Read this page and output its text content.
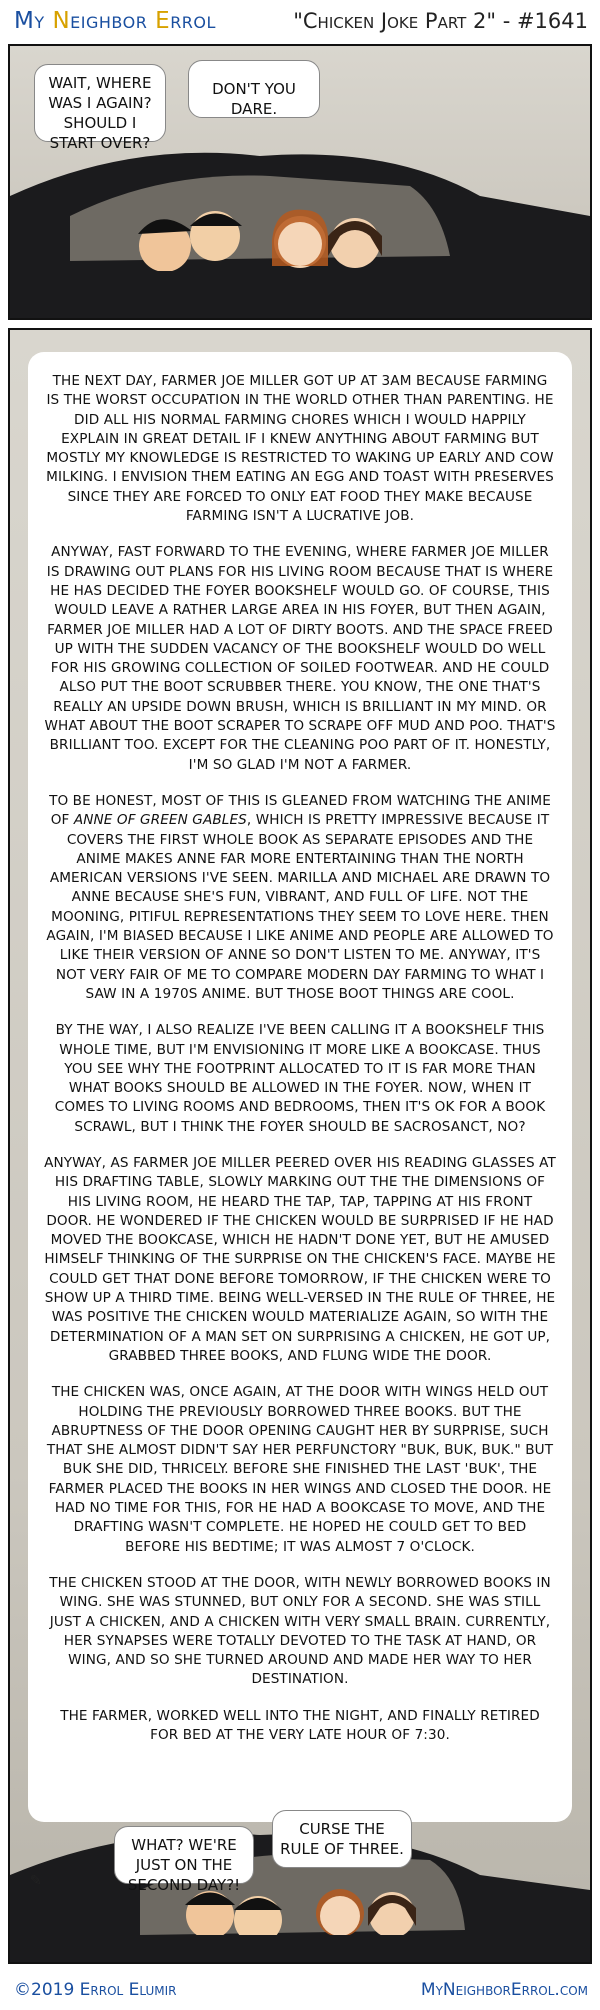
My Neighbor Errol	"Chicken Joke Part 2" - #1641
WAIT, WHERE WAS I AGAIN? SHOULD I START OVER?
DON'T YOU DARE.

THE NEXT DAY, FARMER JOE MILLER GOT UP AT 3AM BECAUSE FARMING IS THE WORST OCCUPATION IN THE WORLD OTHER THAN PARENTING. HE DID ALL HIS NORMAL FARMING CHORES WHICH I WOULD HAPPILY EXPLAIN IN GREAT DETAIL IF I KNEW ANYTHING ABOUT FARMING BUT MOSTLY MY KNOWLEDGE IS RESTRICTED TO WAKING UP EARLY AND COW MILKING. I ENVISION THEM EATING AN EGG AND TOAST WITH PRESERVES SINCE THEY ARE FORCED TO ONLY EAT FOOD THEY MAKE BECAUSE FARMING ISN'T A LUCRATIVE JOB.

ANYWAY, FAST FORWARD TO THE EVENING, WHERE FARMER JOE MILLER IS DRAWING OUT PLANS FOR HIS LIVING ROOM BECAUSE THAT IS WHERE HE HAS DECIDED THE FOYER BOOKSHELF WOULD GO. OF COURSE, THIS WOULD LEAVE A RATHER LARGE AREA IN HIS FOYER, BUT THEN AGAIN, FARMER JOE MILLER HAD A LOT OF DIRTY BOOTS. AND THE SPACE FREED UP WITH THE SUDDEN VACANCY OF THE BOOKSHELF WOULD DO WELL FOR HIS GROWING COLLECTION OF SOILED FOOTWEAR. AND HE COULD ALSO PUT THE BOOT SCRUBBER THERE. YOU KNOW, THE ONE THAT'S REALLY AN UPSIDE DOWN BRUSH, WHICH IS BRILLIANT IN MY MIND. OR WHAT ABOUT THE BOOT SCRAPER TO SCRAPE OFF MUD AND POO. THAT'S BRILLIANT TOO. EXCEPT FOR THE CLEANING POO PART OF IT. HONESTLY, I'M SO GLAD I'M NOT A FARMER.

TO BE HONEST, MOST OF THIS IS GLEANED FROM WATCHING THE ANIME OF ANNE OF GREEN GABLES, WHICH IS PRETTY IMPRESSIVE BECAUSE IT COVERS THE FIRST WHOLE BOOK AS SEPARATE EPISODES AND THE ANIME MAKES ANNE FAR MORE ENTERTAINING THAN THE NORTH AMERICAN VERSIONS I'VE SEEN. MARILLA AND MICHAEL ARE DRAWN TO ANNE BECAUSE SHE'S FUN, VIBRANT, AND FULL OF LIFE. NOT THE MOONING, PITIFUL REPRESENTATIONS THEY SEEM TO LOVE HERE. THEN AGAIN, I'M BIASED BECAUSE I LIKE ANIME AND PEOPLE ARE ALLOWED TO LIKE THEIR VERSION OF ANNE SO DON'T LISTEN TO ME. ANYWAY, IT'S NOT VERY FAIR OF ME TO COMPARE MODERN DAY FARMING TO WHAT I SAW IN A 1970S ANIME. BUT THOSE BOOT THINGS ARE COOL.

BY THE WAY, I ALSO REALIZE I'VE BEEN CALLING IT A BOOKSHELF THIS WHOLE TIME, BUT I'M ENVISIONING IT MORE LIKE A BOOKCASE. THUS YOU SEE WHY THE FOOTPRINT ALLOCATED TO IT IS FAR MORE THAN WHAT BOOKS SHOULD BE ALLOWED IN THE FOYER. NOW, WHEN IT COMES TO LIVING ROOMS AND BEDROOMS, THEN IT'S OK FOR A BOOK SCRAWL, BUT I THINK THE FOYER SHOULD BE SACROSANCT, NO?

ANYWAY, AS FARMER JOE MILLER PEERED OVER HIS READING GLASSES AT HIS DRAFTING TABLE, SLOWLY MARKING OUT THE THE DIMENSIONS OF HIS LIVING ROOM, HE HEARD THE TAP, TAP, TAPPING AT HIS FRONT DOOR. HE WONDERED IF THE CHICKEN WOULD BE SURPRISED IF HE HAD MOVED THE BOOKCASE, WHICH HE HADN'T DONE YET, BUT HE AMUSED HIMSELF THINKING OF THE SURPRISE ON THE CHICKEN'S FACE. MAYBE HE COULD GET THAT DONE BEFORE TOMORROW, IF THE CHICKEN WERE TO SHOW UP A THIRD TIME. BEING WELL-VERSED IN THE RULE OF THREE, HE WAS POSITIVE THE CHICKEN WOULD MATERIALIZE AGAIN, SO WITH THE DETERMINATION OF A MAN SET ON SURPRISING A CHICKEN, HE GOT UP, GRABBED THREE BOOKS, AND FLUNG WIDE THE DOOR.

THE CHICKEN WAS, ONCE AGAIN, AT THE DOOR WITH WINGS HELD OUT HOLDING THE PREVIOUSLY BORROWED THREE BOOKS. BUT THE ABRUPTNESS OF THE DOOR OPENING CAUGHT HER BY SURPRISE, SUCH THAT SHE ALMOST DIDN'T SAY HER PERFUNCTORY "BUK, BUK, BUK." BUT BUK SHE DID, THRICELY. BEFORE SHE FINISHED THE LAST 'BUK', THE FARMER PLACED THE BOOKS IN HER WINGS AND CLOSED THE DOOR. HE HAD NO TIME FOR THIS, FOR HE HAD A BOOKCASE TO MOVE, AND THE DRAFTING WASN'T COMPLETE. HE HOPED HE COULD GET TO BED BEFORE HIS BEDTIME; IT WAS ALMOST 7 O'CLOCK.

THE CHICKEN STOOD AT THE DOOR, WITH NEWLY BORROWED BOOKS IN WING. SHE WAS STUNNED, BUT ONLY FOR A SECOND. SHE WAS STILL JUST A CHICKEN, AND A CHICKEN WITH VERY SMALL BRAIN. CURRENTLY, HER SYNAPSES WERE TOTALLY DEVOTED TO THE TASK AT HAND, OR WING, AND SO SHE TURNED AROUND AND MADE HER WAY TO HER DESTINATION.

THE FARMER, WORKED WELL INTO THE NIGHT, AND FINALLY RETIRED FOR BED AT THE VERY LATE HOUR OF 7:30.

✎
WHAT? WE'RE JUST ON THE SECOND DAY?!
CURSE THE RULE OF THREE.
©2019 Errol Elumir	MyNeighborErrol.com
